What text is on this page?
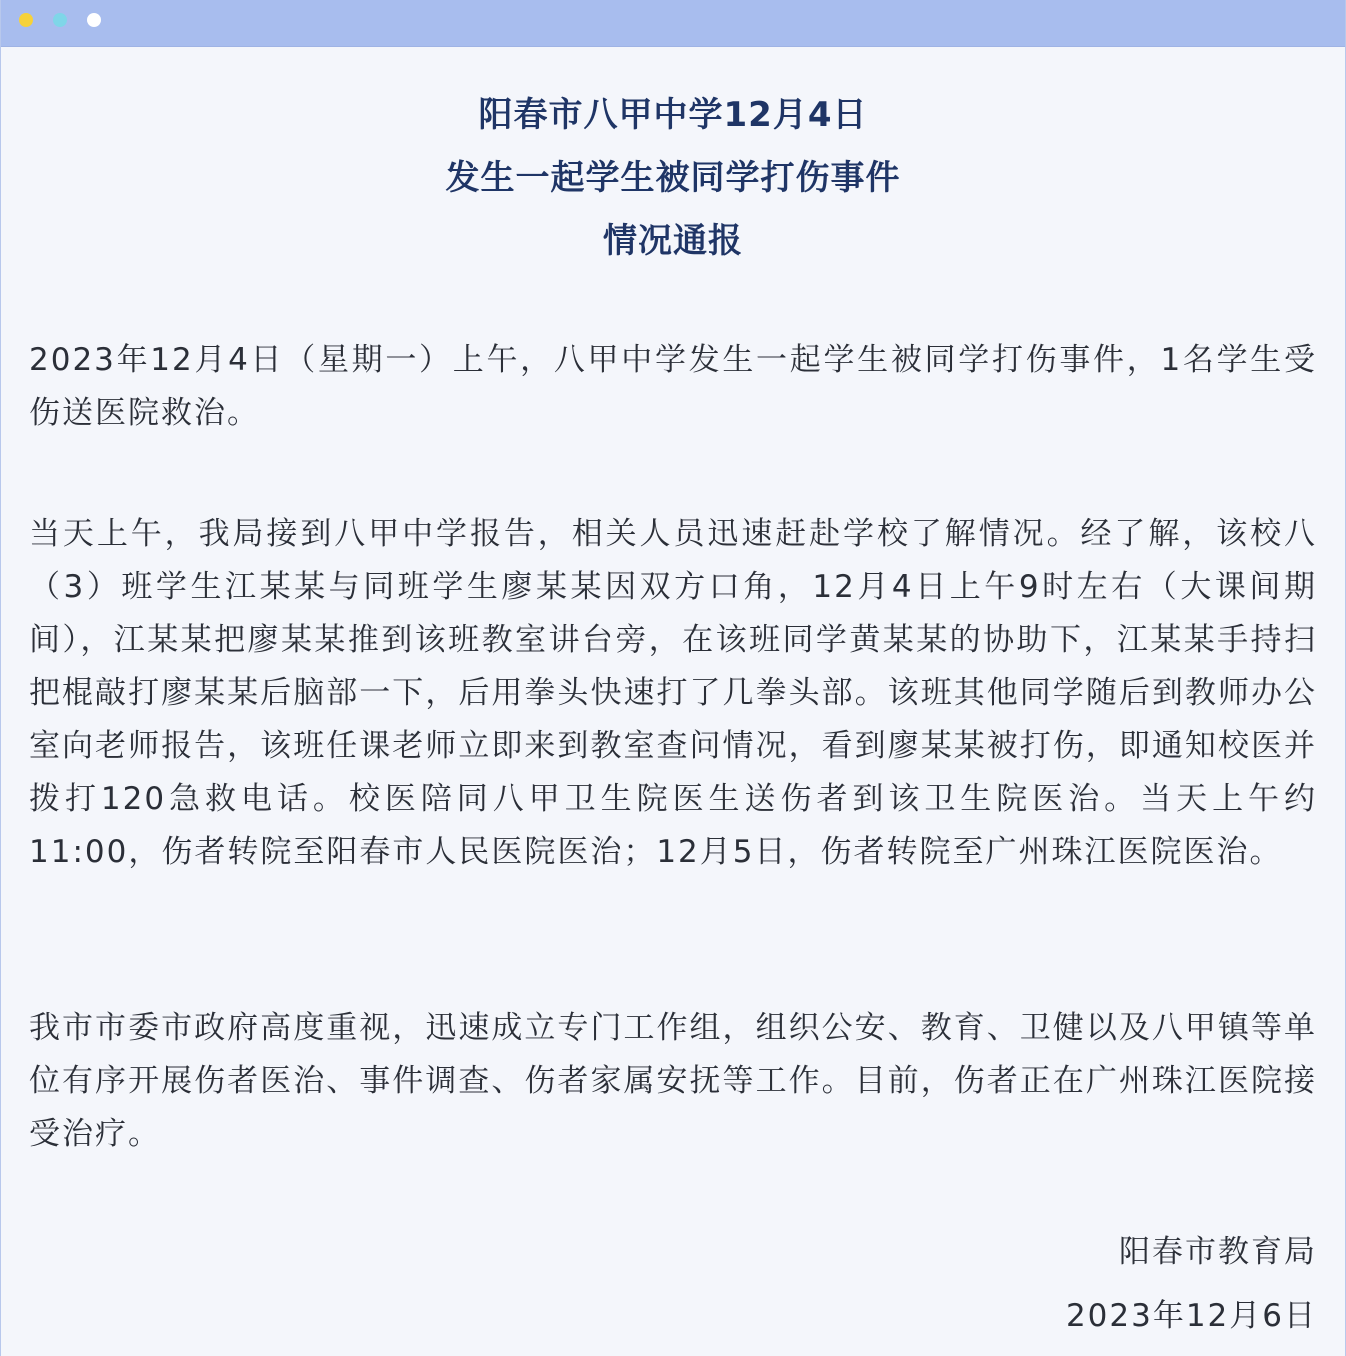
阳春市八甲中学12月4日
发生一起学生被同学打伤事件
情况通报

2023年12月4日（星期一）上午，八甲中学发生一起学生被同学打伤事件，1名学生受伤送医院救治。

当天上午，我局接到八甲中学报告，相关人员迅速赶赴学校了解情况。经了解，该校八（3）班学生江某某与同班学生廖某某因双方口角，12月4日上午9时左右（大课间期间），江某某把廖某某推到该班教室讲台旁，在该班同学黄某某的协助下，江某某手持扫把棍敲打廖某某后脑部一下，后用拳头快速打了几拳头部。该班其他同学随后到教师办公室向老师报告，该班任课老师立即来到教室查问情况，看到廖某某被打伤，即通知校医并拨打120急救电话。校医陪同八甲卫生院医生送伤者到该卫生院医治。当天上午约11:00，伤者转院至阳春市人民医院医治；12月5日，伤者转院至广州珠江医院医治。

我市市委市政府高度重视，迅速成立专门工作组，组织公安、教育、卫健以及八甲镇等单位有序开展伤者医治、事件调查、伤者家属安抚等工作。目前，伤者正在广州珠江医院接受治疗。

阳春市教育局
2023年12月6日
